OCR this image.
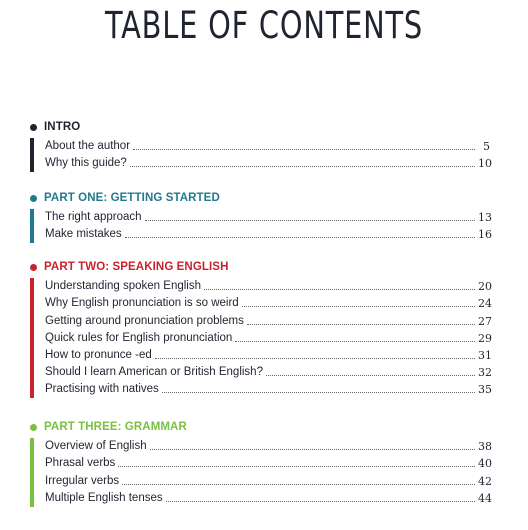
TABLE OF CONTENTS
INTRO
About the author	5
Why this guide?	10
PART ONE: GETTING STARTED
The right approach	13
Make mistakes	16
PART TWO: SPEAKING ENGLISH
Understanding spoken English	20
Why English pronunciation is so weird	24
Getting around pronunciation problems	27
Quick rules for English pronunciation	29
How to pronunce -ed	31
Should I learn American or British English?	32
Practising with natives	35
PART THREE: GRAMMAR
Overview of English	38
Phrasal verbs	40
Irregular verbs	42
Multiple English tenses	44
